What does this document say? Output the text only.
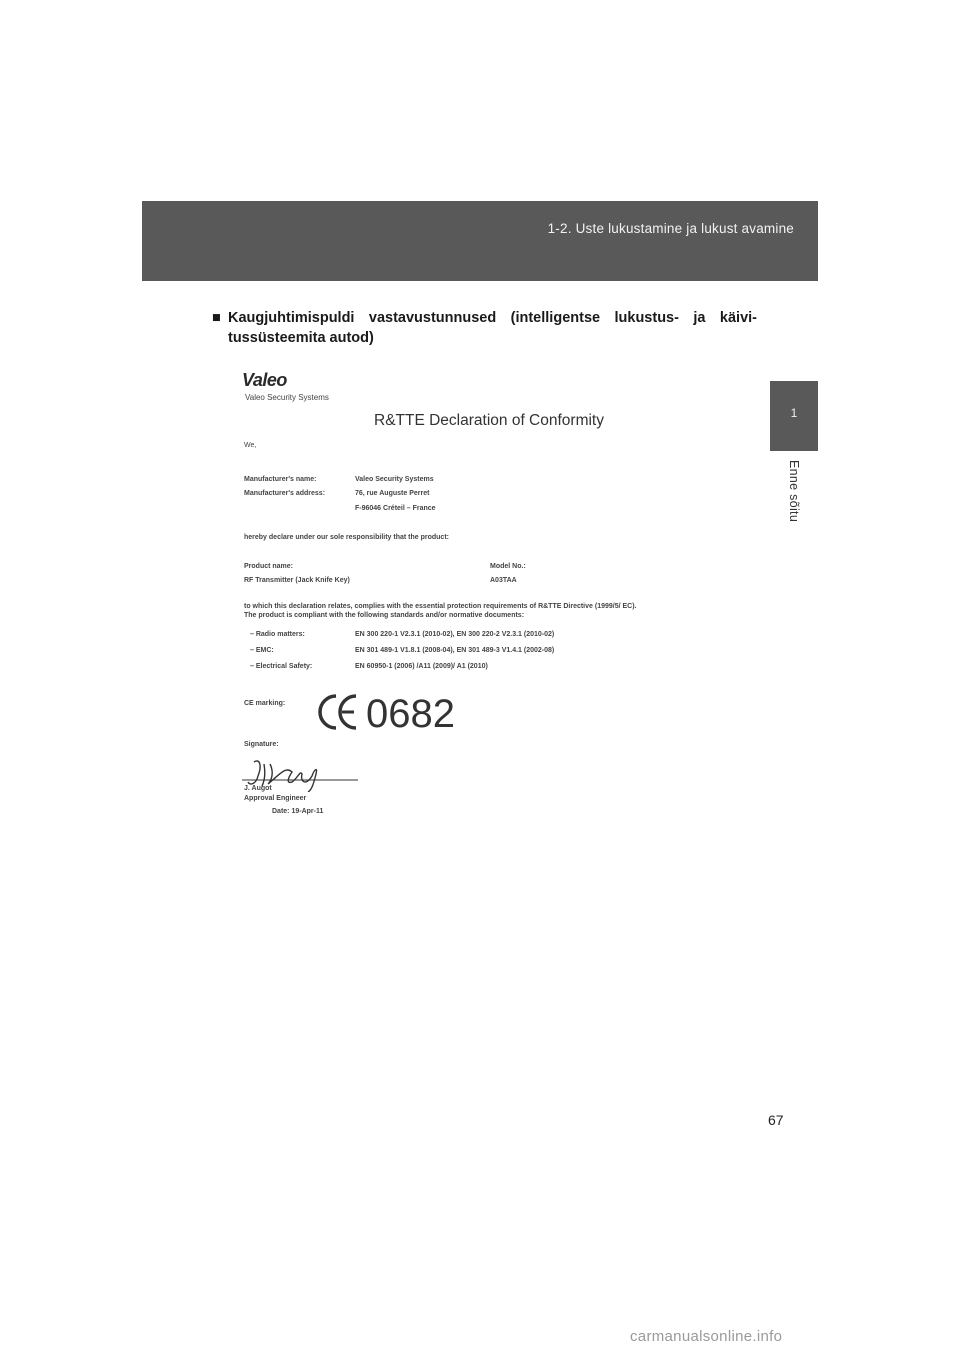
1-2. Uste lukustamine ja lukust avamine
1
Enne sõitu
■ Kaugjuhtimispuldi vastavustunnused (intelligentse lukustus- ja käivi-tussüsteemita autod)
Valeo
Valeo Security Systems
R&TTE Declaration of Conformity
We,
Manufacturer's name:	Valeo Security Systems
Manufacturer's address:	76, rue Auguste Perret
F-96046 Créteil – France
hereby declare under our sole responsibility that the product:
Product name:	Model No.:
RF Transmitter (Jack Knife Key)	A03TAA
to which this declaration relates, complies with the essential protection requirements of R&TTE Directive (1999/5/ EC).
The product is compliant with the following standards and/or normative documents:
– Radio matters:	EN 300 220-1 V2.3.1 (2010-02), EN 300 220-2 V2.3.1 (2010-02)
– EMC:	EN 301 489-1 V1.8.1 (2008-04), EN 301 489-3 V1.4.1 (2002-08)
– Electrical Safety:	EN 60950-1 (2006) /A11 (2009)/ A1 (2010)
CE marking: 0682
Signature:
J. Augot
Approval Engineer
Date: 19-Apr-11
67
carmanualsonline.info
